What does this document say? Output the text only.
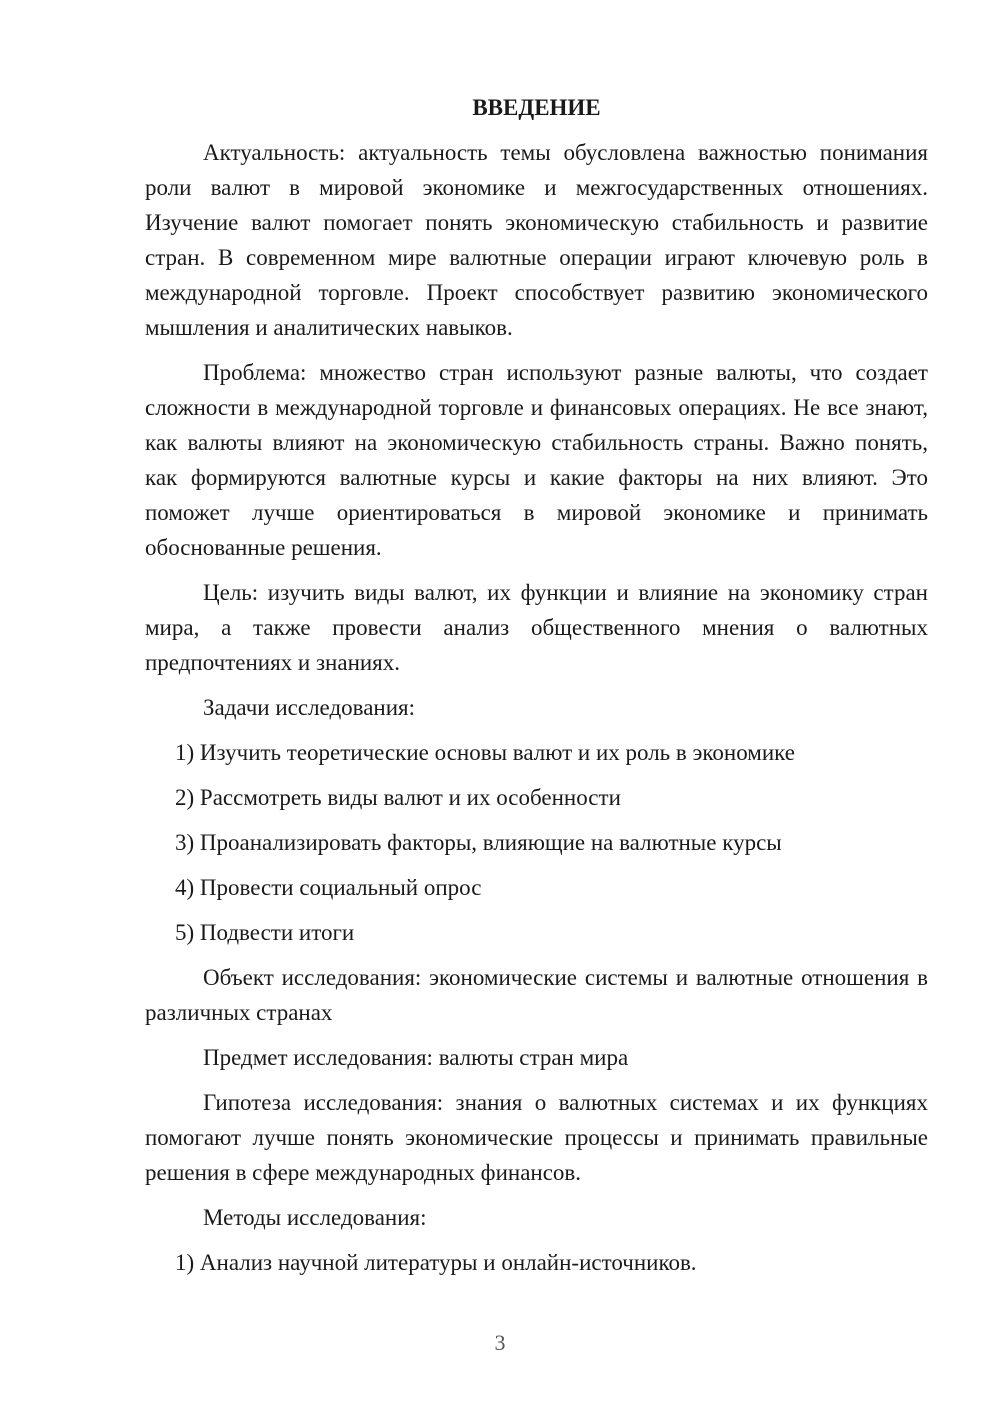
ВВЕДЕНИЕ

Актуальность: актуальность темы обусловлена важностью понимания роли валют в мировой экономике и межгосударственных отношениях. Изучение валют помогает понять экономическую стабильность и развитие стран. В современном мире валютные операции играют ключевую роль в международной торговле. Проект способствует развитию экономического мышления и аналитических навыков.

Проблема: множество стран используют разные валюты, что создает сложности в международной торговле и финансовых операциях. Не все знают, как валюты влияют на экономическую стабильность страны. Важно понять, как формируются валютные курсы и какие факторы на них влияют. Это поможет лучше ориентироваться в мировой экономике и принимать обоснованные решения.

Цель: изучить виды валют, их функции и влияние на экономику стран мира, а также провести анализ общественного мнения о валютных предпочтениях и знаниях.

Задачи исследования:

1) Изучить теоретические основы валют и их роль в экономике
2) Рассмотреть виды валют и их особенности
3) Проанализировать факторы, влияющие на валютные курсы
4) Провести социальный опрос
5) Подвести итоги

Объект исследования: экономические системы и валютные отношения в различных странах

Предмет исследования: валюты стран мира

Гипотеза исследования: знания о валютных системах и их функциях помогают лучше понять экономические процессы и принимать правильные решения в сфере международных финансов.

Методы исследования:

1) Анализ научной литературы и онлайн-источников.
3
